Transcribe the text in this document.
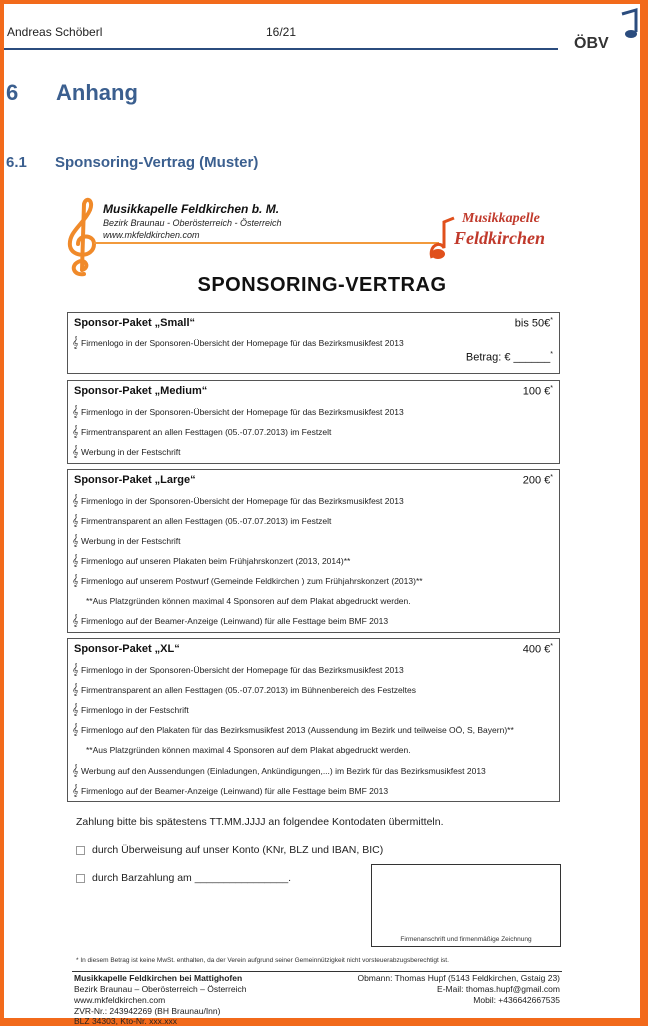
Andreas Schöberl	16/21
ÖBV
6 Anhang
6.1 Sponsoring-Vertrag (Muster)
Musikkapelle Feldkirchen b. M.
Bezirk Braunau - Oberösterreich - Österreich
www.mkfeldkirchen.com
Musikkapelle
Feldkirchen
SPONSORING-VERTRAG
Sponsor-Paket „Small“	bis 50€*
𝄞 Firmenlogo in der Sponsoren-Übersicht der Homepage für das Bezirksmusikfest 2013
Betrag: € ______*
Sponsor-Paket „Medium“	100 €*
𝄞 Firmenlogo in der Sponsoren-Übersicht der Homepage für das Bezirksmusikfest 2013
𝄞 Firmentransparent an allen Festtagen (05.-07.07.2013) im Festzelt
𝄞 Werbung in der Festschrift
Sponsor-Paket „Large“	200 €*
𝄞 Firmenlogo in der Sponsoren-Übersicht der Homepage für das Bezirksmusikfest 2013
𝄞 Firmentransparent an allen Festtagen (05.-07.07.2013) im Festzelt
𝄞 Werbung in der Festschrift
𝄞 Firmenlogo auf unseren Plakaten beim Frühjahrskonzert (2013, 2014)**
𝄞 Firmenlogo auf unserem Postwurf (Gemeinde Feldkirchen ) zum Frühjahrskonzert (2013)**
**Aus Platzgründen können maximal 4 Sponsoren auf dem Plakat abgedruckt werden.
𝄞 Firmenlogo auf der Beamer-Anzeige (Leinwand) für alle Festtage beim BMF 2013
Sponsor-Paket „XL“	400 €*
𝄞 Firmenlogo in der Sponsoren-Übersicht der Homepage für das Bezirksmusikfest 2013
𝄞 Firmentransparent an allen Festtagen (05.-07.07.2013) im Bühnenbereich des Festzeltes
𝄞 Firmenlogo in der Festschrift
𝄞 Firmenlogo auf den Plakaten für das Bezirksmusikfest 2013 (Aussendung im Bezirk und teilweise OÖ, S, Bayern)**
**Aus Platzgründen können maximal 4 Sponsoren auf dem Plakat abgedruckt werden.
𝄞 Werbung auf den Aussendungen (Einladungen, Ankündigungen,...) im Bezirk für das Bezirksmusikfest 2013
𝄞 Firmenlogo auf der Beamer-Anzeige (Leinwand) für alle Festtage beim BMF 2013
Zahlung bitte bis spätestens TT.MM.JJJJ an folgendee Kontodaten übermitteln.
durch Überweisung auf unser Konto (KNr, BLZ und IBAN, BIC)
durch Barzahlung am ________________.
Firmenanschrift und firmenmäßige Zeichnung
* In diesem Betrag ist keine MwSt. enthalten, da der Verein aufgrund seiner Gemeinnützigkeit nicht vorsteuerabzugsberechtigt ist.
Musikkapelle Feldkirchen bei Mattighofen
Bezirk Braunau – Oberösterreich – Österreich
www.mkfeldkirchen.com
ZVR-Nr.: 243942269 (BH Braunau/Inn)
BLZ 34303, Kto-Nr. xxx.xxx
Obmann: Thomas Hupf (5143 Feldkirchen, Gstaig 23)
E-Mail: thomas.hupf@gmail.com
Mobil: +436642667535
